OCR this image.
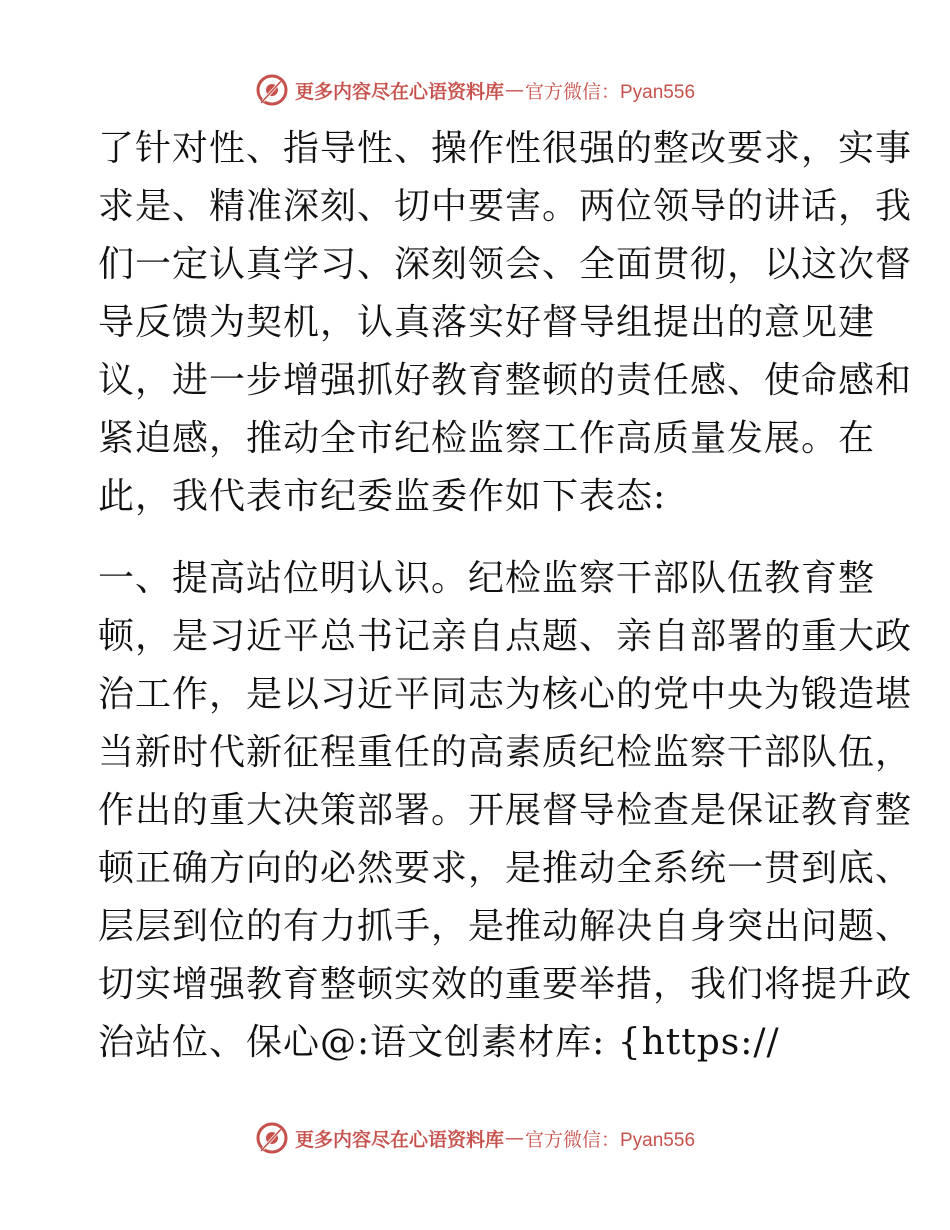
更多内容尽在心语资料库 — 官方微信：Pyan556
了针对性、指导性、操作性很强的整改要求，实事
求是、精准深刻、切中要害。两位领导的讲话，我
们一定认真学习、深刻领会、全面贯彻，以这次督
导反馈为契机，认真落实好督导组提出的意见建
议，进一步增强抓好教育整顿的责任感、使命感和
紧迫感，推动全市纪检监察工作高质量发展。在
此，我代表市纪委监委作如下表态:
一、提高站位明认识。纪检监察干部队伍教育整
顿，是习近平总书记亲自点题、亲自部署的重大政
治工作，是以习近平同志为核心的党中央为锻造堪
当新时代新征程重任的高素质纪检监察干部队伍，
作出的重大决策部署。开展督导检查是保证教育整
顿正确方向的必然要求，是推动全系统一贯到底、
层层到位的有力抓手，是推动解决自身突出问题、
切实增强教育整顿实效的重要举措，我们将提升政
治站位、保心@:语文创素材库: {https://
更多内容尽在心语资料库 — 官方微信：Pyan556
